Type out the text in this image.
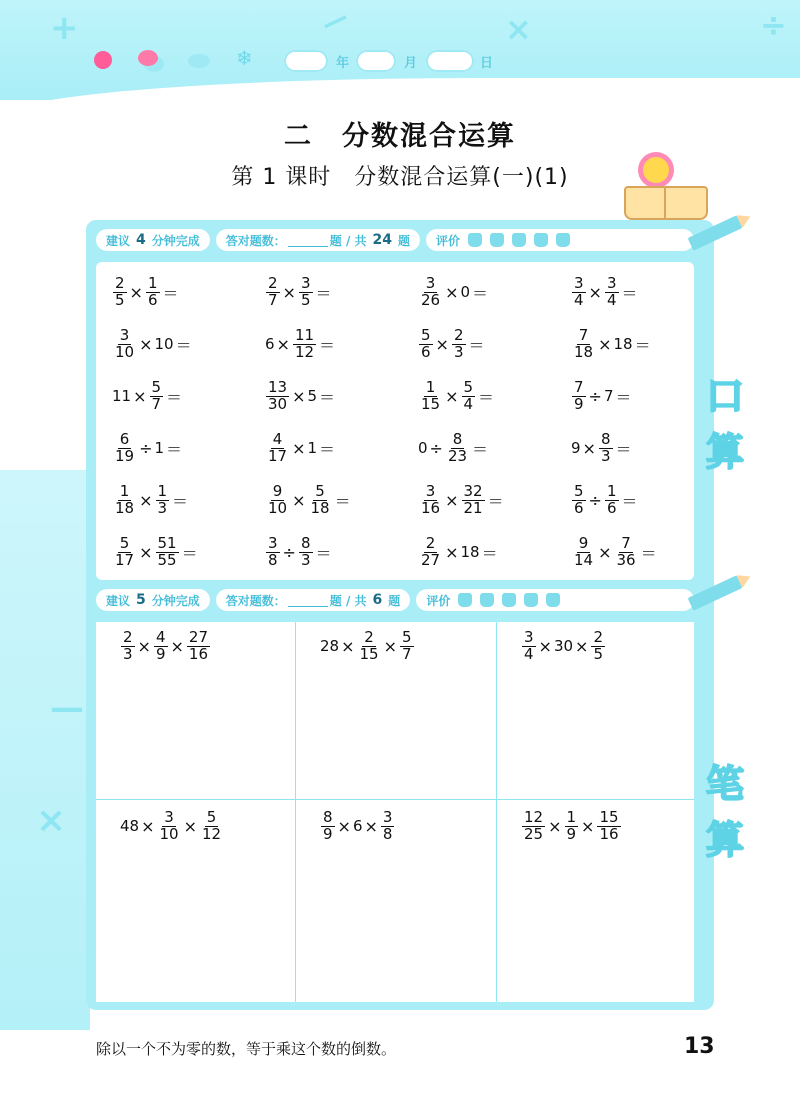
+	—	×	÷
—
×
❄	年	月	日
二　分数混合运算
第 1 课时　分数混合运算(一)(1)
建议 4 分钟完成 答对题数：	题 / 共 24 题 评价
$\frac{2}{5} \times \frac{1}{6}$ ＝	$\frac{2}{7} \times \frac{3}{5}$ ＝	$\frac{3}{26} \times 0$ ＝	$\frac{3}{4} \times \frac{3}{4}$ ＝
$\frac{3}{10} \times 10$ ＝	$6 \times \frac{11}{12}$ ＝	$\frac{5}{6} \times \frac{2}{3}$ ＝	$\frac{7}{18} \times 18$ ＝
$11 \times \frac{5}{7}$ ＝	$\frac{13}{30} \times 5$ ＝	$\frac{1}{15} \times \frac{5}{4}$ ＝	$\frac{7}{9} \div 7$ ＝
$\frac{6}{19} \div 1$ ＝	$\frac{4}{17} \times 1$ ＝	$0 \div \frac{8}{23}$ ＝	$9 \times \frac{8}{3}$ ＝
$\frac{1}{18} \times \frac{1}{3}$ ＝	$\frac{9}{10} \times \frac{5}{18}$ ＝	$\frac{3}{16} \times \frac{32}{21}$ ＝	$\frac{5}{6} \div \frac{1}{6}$ ＝
$\frac{5}{17} \times \frac{51}{55}$ ＝	$\frac{3}{8} \div \frac{8}{3}$ ＝	$\frac{2}{27} \times 18$ ＝	$\frac{9}{14} \times \frac{7}{36}$ ＝
口
算
建议 5 分钟完成 答对题数：	题 / 共 6 题 评价
$\frac{2}{3} \times \frac{4}{9} \times \frac{27}{16}$	$28 \times \frac{2}{15} \times \frac{5}{7}$	$\frac{3}{4} \times 30 \times \frac{2}{5}$
$48 \times \frac{3}{10} \times \frac{5}{12}$	$\frac{8}{9} \times 6 \times \frac{3}{8}$	$\frac{12}{25} \times \frac{1}{9} \times \frac{15}{16}$
笔
算
除以一个不为零的数，等于乘这个数的倒数。	13
